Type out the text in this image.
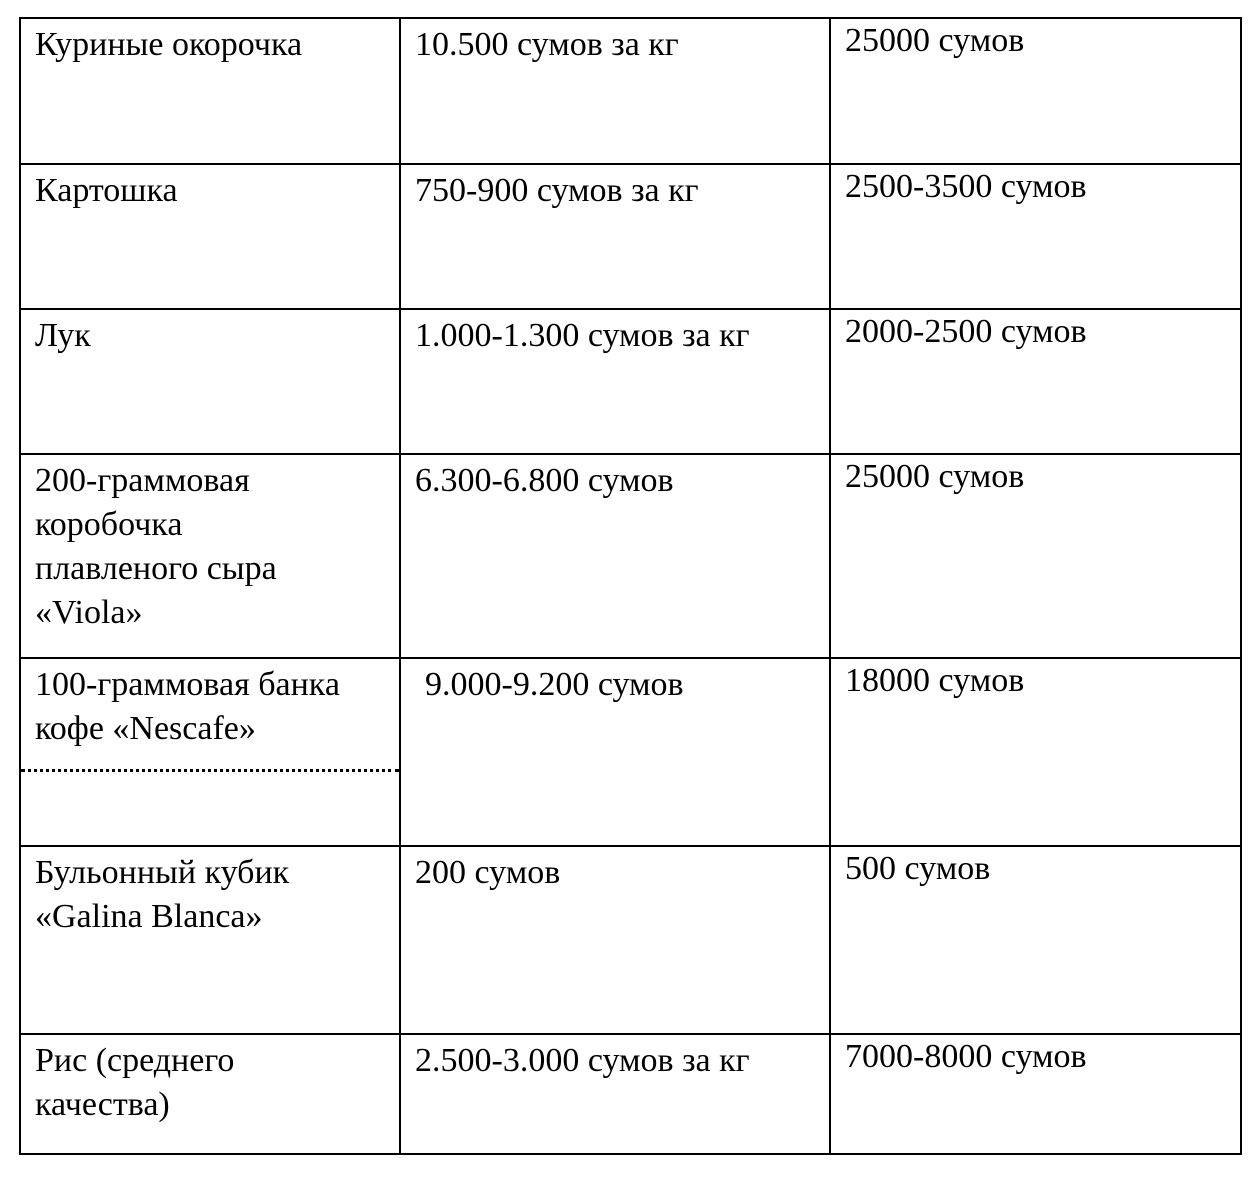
Куриные окорочка	10.500 сумов за кг	25000 сумов

Картошка	750-900 сумов за кг	2500-3500 сумов

Лук	1.000-1.300 сумов за кг	2000-2500 сумов

200-граммовая
коробочка
плавленого сыра
«Viola»	6.300-6.800 сумов	25000 сумов

100-граммовая банка
кофе «Nescafe»	9.000-9.200 сумов	18000 сумов

Бульонный кубик
«Galina Blanca»	200 сумов	500 сумов

Рис (среднего
качества)	2.500-3.000 сумов за кг	7000-8000 сумов
